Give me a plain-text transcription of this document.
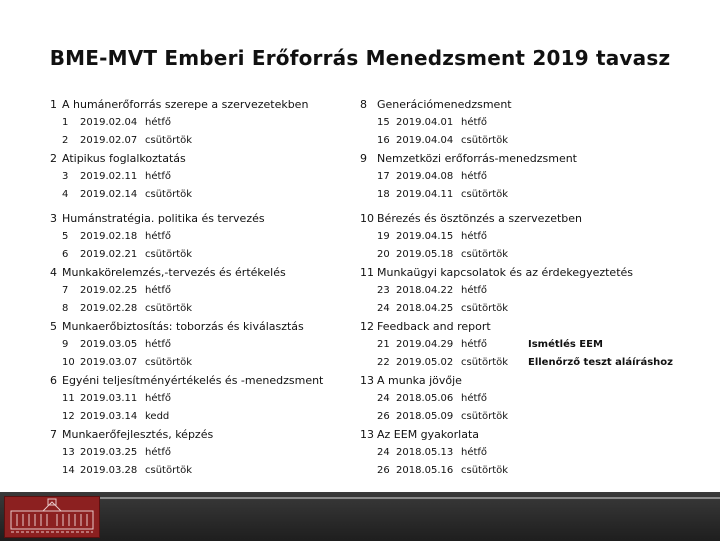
BME-MVT Emberi Erőforrás Menedzsment 2019 tavasz
1 A humánerőforrás szerepe a szervezetekben
1	2019.02.04 hétfő
2	2019.02.07 csütörtök
2 Atipikus foglalkoztatás
3	2019.02.11 hétfő
4	2019.02.14 csütörtök
3 Humánstratégia. politika és tervezés
5	2019.02.18 hétfő
6	2019.02.21 csütörtök
4 Munkakörelemzés,-tervezés és értékelés
7	2019.02.25 hétfő
8	2019.02.28 csütörtök
5 Munkaerőbiztosítás: toborzás és kiválasztás
9	2019.03.05 hétfő
10 2019.03.07 csütörtök
6 Egyéni teljesítményértékelés és -menedzsment
11 2019.03.11 hétfő
12 2019.03.14 kedd
7 Munkaerőfejlesztés, képzés
13 2019.03.25 hétfő
14 2019.03.28 csütörtök
8 Generációmenedzsment
15 2019.04.01 hétfő
16 2019.04.04 csütörtök
9 Nemzetközi erőforrás-menedzsment
17 2019.04.08 hétfő
18 2019.04.11 csütörtök
10 Bérezés és ösztönzés a szervezetben
19 2019.04.15 hétfő
20 2019.05.18 csütörtök
11 Munkaügyi kapcsolatok és az érdekegyeztetés
23 2018.04.22 hétfő
24 2018.04.25 csütörtök
12 Feedback and report
21 2019.04.29 hétfő	Ismétlés EEM
22 2019.05.02 csütörtök Ellenőrző teszt aláíráshoz
13 A munka jövője
24 2018.05.06 hétfő
26 2018.05.09 csütörtök
13 Az EEM gyakorlata
24 2018.05.13 hétfő
26 2018.05.16 csütörtök
